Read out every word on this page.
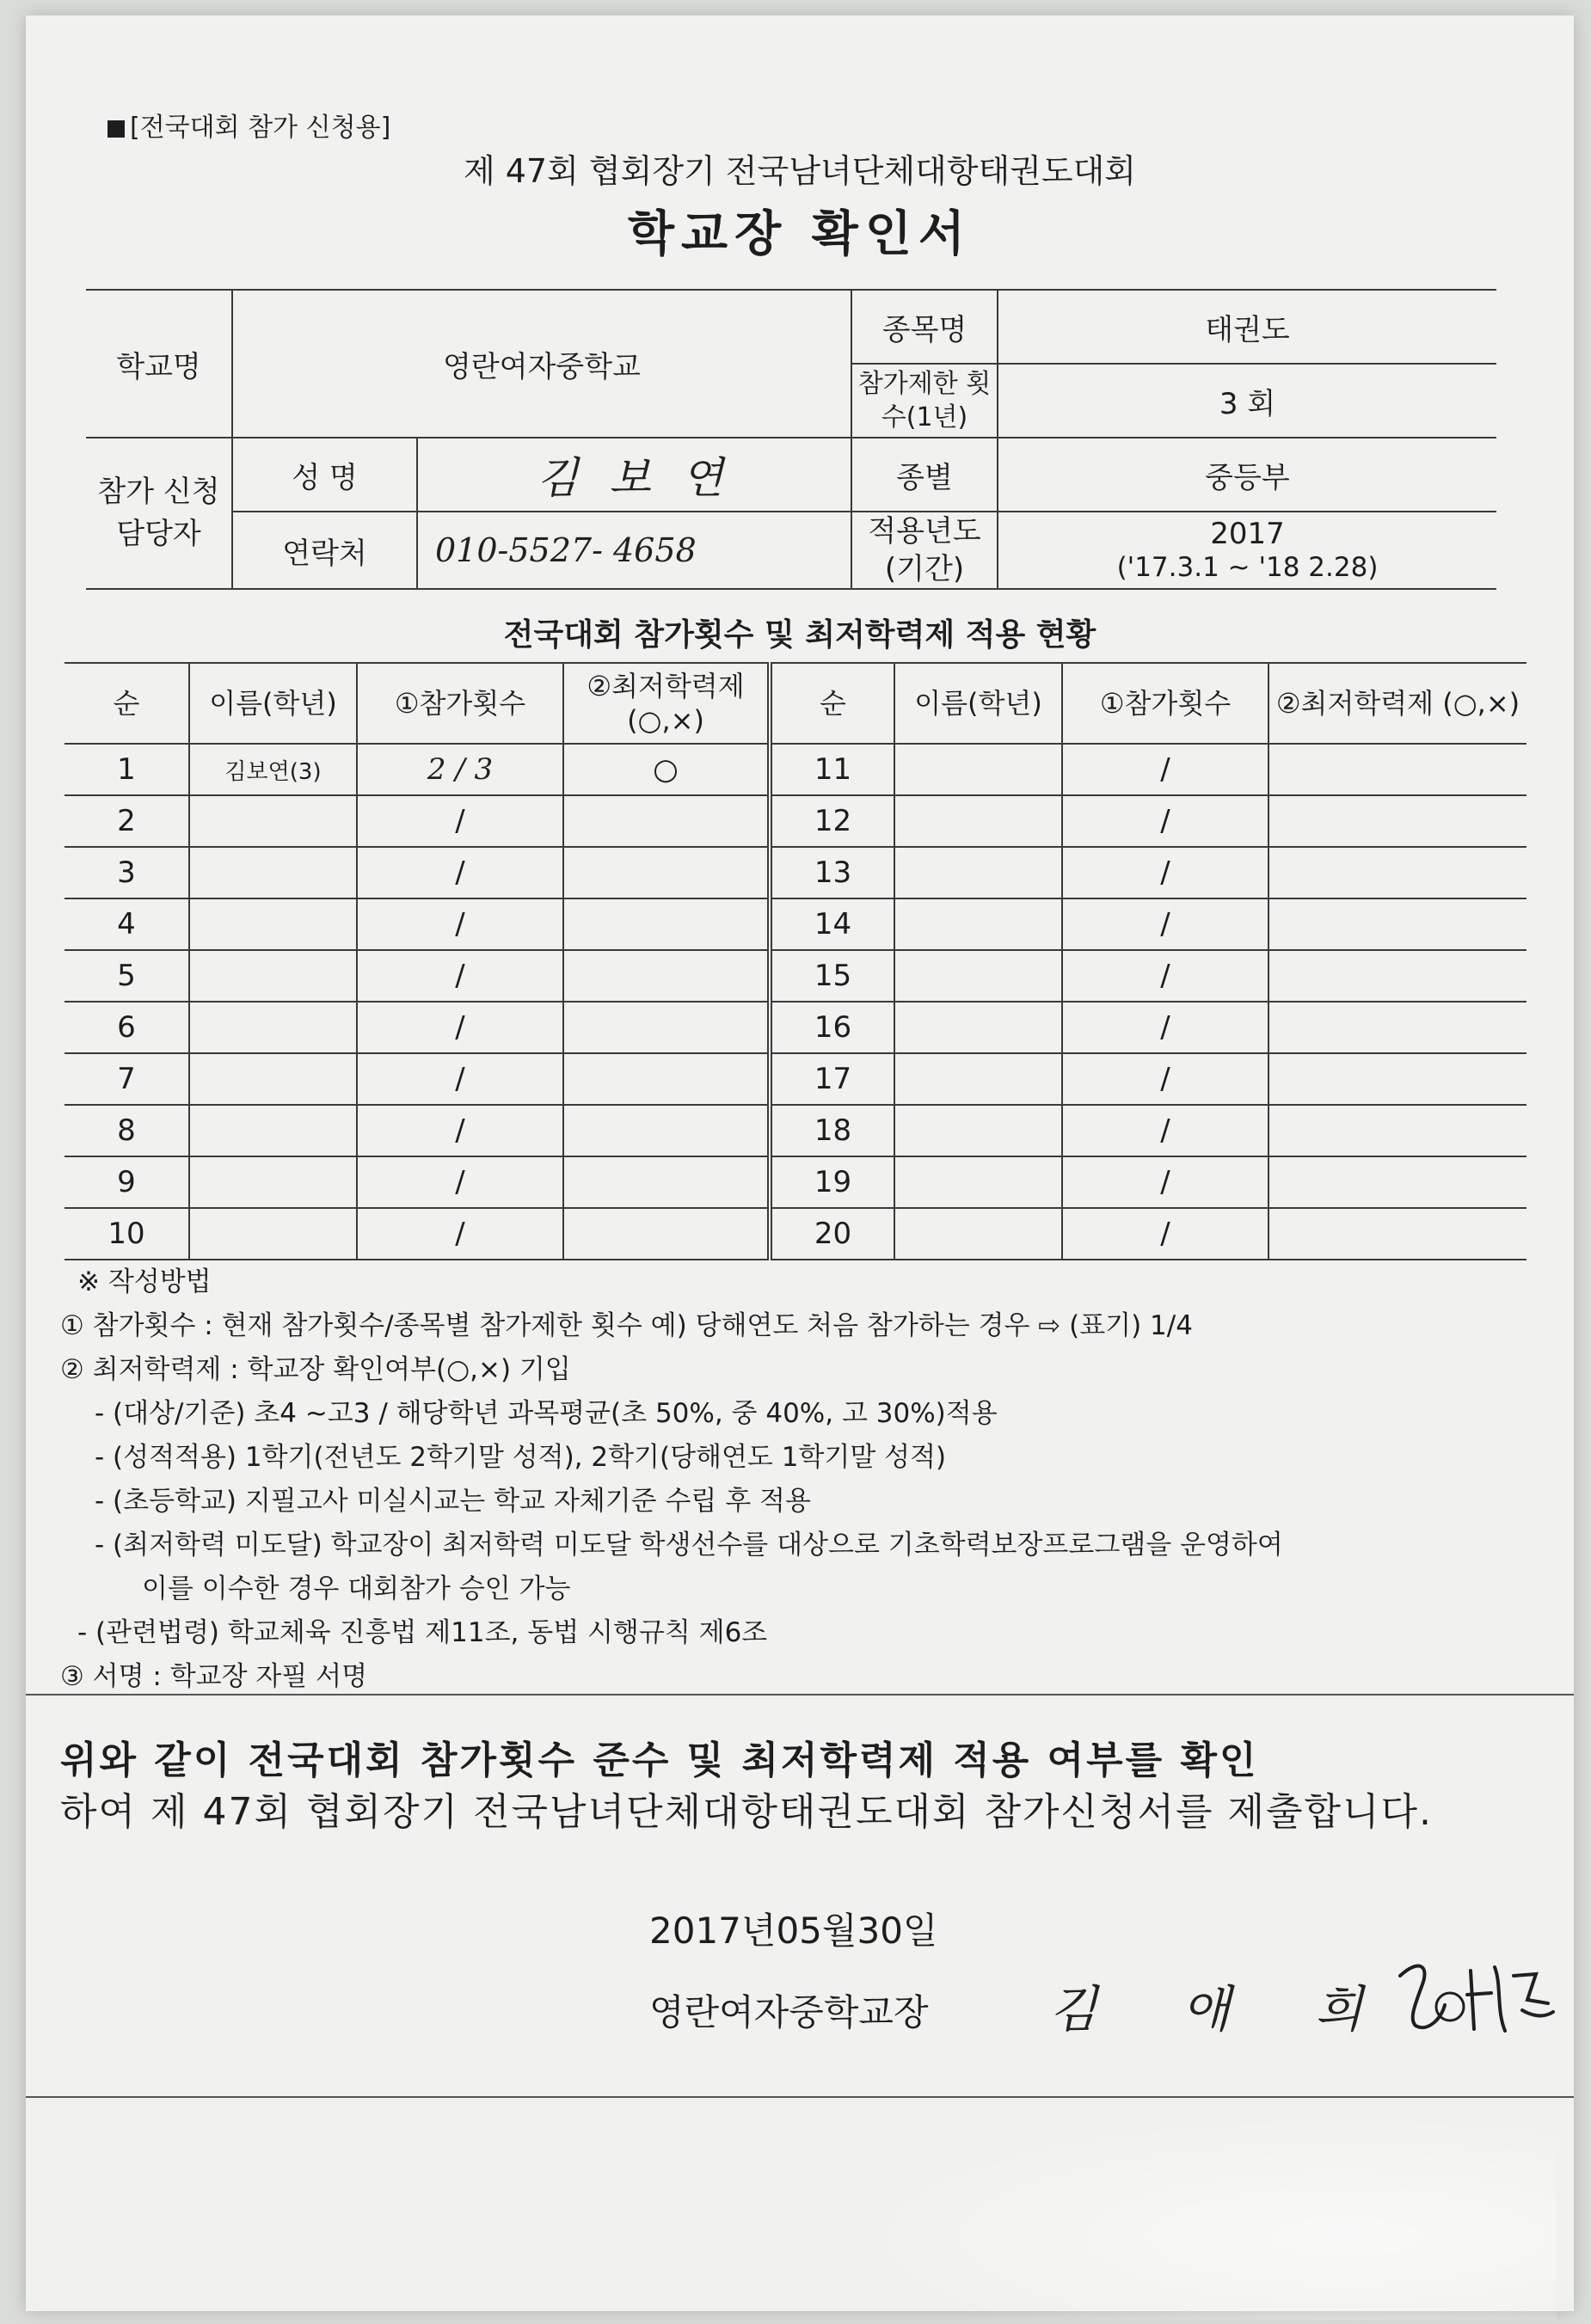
[전국대회 참가 신청용]
제 47회 협회장기 전국남녀단체대항태권도대회
학교장 확인서
학교명	영란여자중학교		종목명	태권도
			참가제한 횟수(1년)	3 회
참가 신청 담당자	성 명	김 보 연	종별	중등부
	연락처	010-5527- 4658	적용년도 (기간)	2017
('17.3.1 ~ '18 2.28)
전국대회 참가횟수 및 최저학력제 적용 현황
순	이름(학년)	①참가횟수	②최저학력제 (○,×)	순	이름(학년)	①참가횟수	②최저학력제 (○,×)
1	김보연(3)	2 / 3	○	11		/	
2		/		12		/	
3		/		13		/	
4		/		14		/	
5		/		15		/	
6		/		16		/	
7		/		17		/	
8		/		18		/	
9		/		19		/	
10		/		20		/	
※ 작성방법
① 참가횟수 : 현재 참가횟수/종목별 참가제한 횟수 예) 당해연도 처음 참가하는 경우 ⇨ (표기) 1/4
② 최저학력제 : 학교장 확인여부(○,×) 기입
- (대상/기준) 초4 ~고3 / 해당학년 과목평균(초 50%, 중 40%, 고 30%)적용
- (성적적용) 1학기(전년도 2학기말 성적), 2학기(당해연도 1학기말 성적)
- (초등학교) 지필고사 미실시교는 학교 자체기준 수립 후 적용
- (최저학력 미도달) 학교장이 최저학력 미도달 학생선수를 대상으로 기초학력보장프로그램을 운영하여
이를 이수한 경우 대회참가 승인 가능
- (관련법령) 학교체육 진흥법 제11조, 동법 시행규칙 제6조
③ 서명 : 학교장 자필 서명
위와 같이 전국대회 참가횟수 준수 및 최저학력제 적용 여부를 확인
하여 제 47회 협회장기 전국남녀단체대항태권도대회 참가신청서를 제출합니다.
2017년05월30일
영란여자중학교장 김 애 희
